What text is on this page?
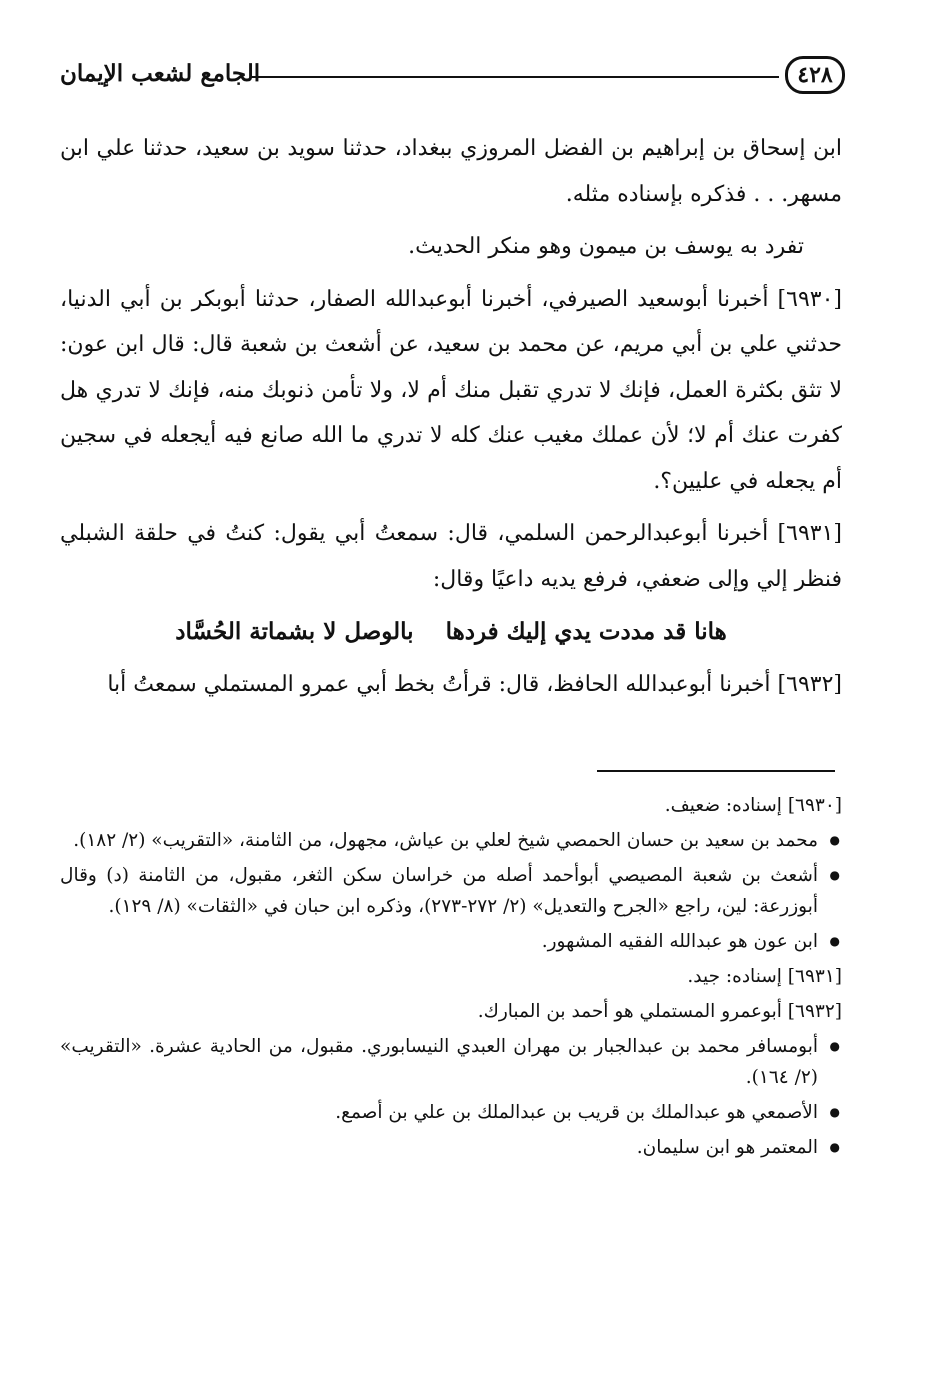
٤٢٨
الجامع لشعب الإيمان

ابن إسحاق بن إبراهيم بن الفضل المروزي ببغداد، حدثنا سويد بن سعيد، حدثنا علي ابن مسهر. . . فذكره بإسناده مثله.

تفرد به يوسف بن ميمون وهو منكر الحديث.

[٦٩٣٠] أخبرنا أبوسعيد الصيرفي، أخبرنا أبوعبدالله الصفار، حدثنا أبوبكر بن أبي الدنيا، حدثني علي بن أبي مريم، عن محمد بن سعيد، عن أشعث بن شعبة قال: قال ابن عون: لا تثق بكثرة العمل، فإنك لا تدري تقبل منك أم لا، ولا تأمن ذنوبك منه، فإنك لا تدري هل كفرت عنك أم لا؛ لأن عملك مغيب عنك كله لا تدري ما الله صانع فيه أيجعله في سجين أم يجعله في عليين؟.

[٦٩٣١] أخبرنا أبوعبدالرحمن السلمي، قال: سمعتُ أبي يقول: كنتُ في حلقة الشبلي فنظر إلي وإلى ضعفي، فرفع يديه داعيًا وقال:

هانا قد مددت يدي إليك فردهابالوصل لا بشماتة الحُسَّاد

[٦٩٣٢] أخبرنا أبوعبدالله الحافظ، قال: قرأتُ بخط أبي عمرو المستملي سمعتُ أبا

[٦٩٣٠] إسناده: ضعيف.

● محمد بن سعيد بن حسان الحمصي شيخ لعلي بن عياش، مجهول، من الثامنة، «التقريب» (٢/ ١٨٢).

● أشعث بن شعبة المصيصي أبوأحمد أصله من خراسان سكن الثغر، مقبول، من الثامنة (د) وقال أبوزرعة: لين، راجع «الجرح والتعديل» (٢/ ٢٧٢-٢٧٣)، وذكره ابن حبان في «الثقات» (٨/ ١٢٩).

● ابن عون هو عبدالله الفقيه المشهور.

[٦٩٣١] إسناده: جيد.

[٦٩٣٢] أبوعمرو المستملي هو أحمد بن المبارك.

● أبومسافر محمد بن عبدالجبار بن مهران العبدي النيسابوري. مقبول، من الحادية عشرة. «التقريب» (٢/ ١٦٤).

● الأصمعي هو عبدالملك بن قريب بن عبدالملك بن علي بن أصمع.

● المعتمر هو ابن سليمان.
